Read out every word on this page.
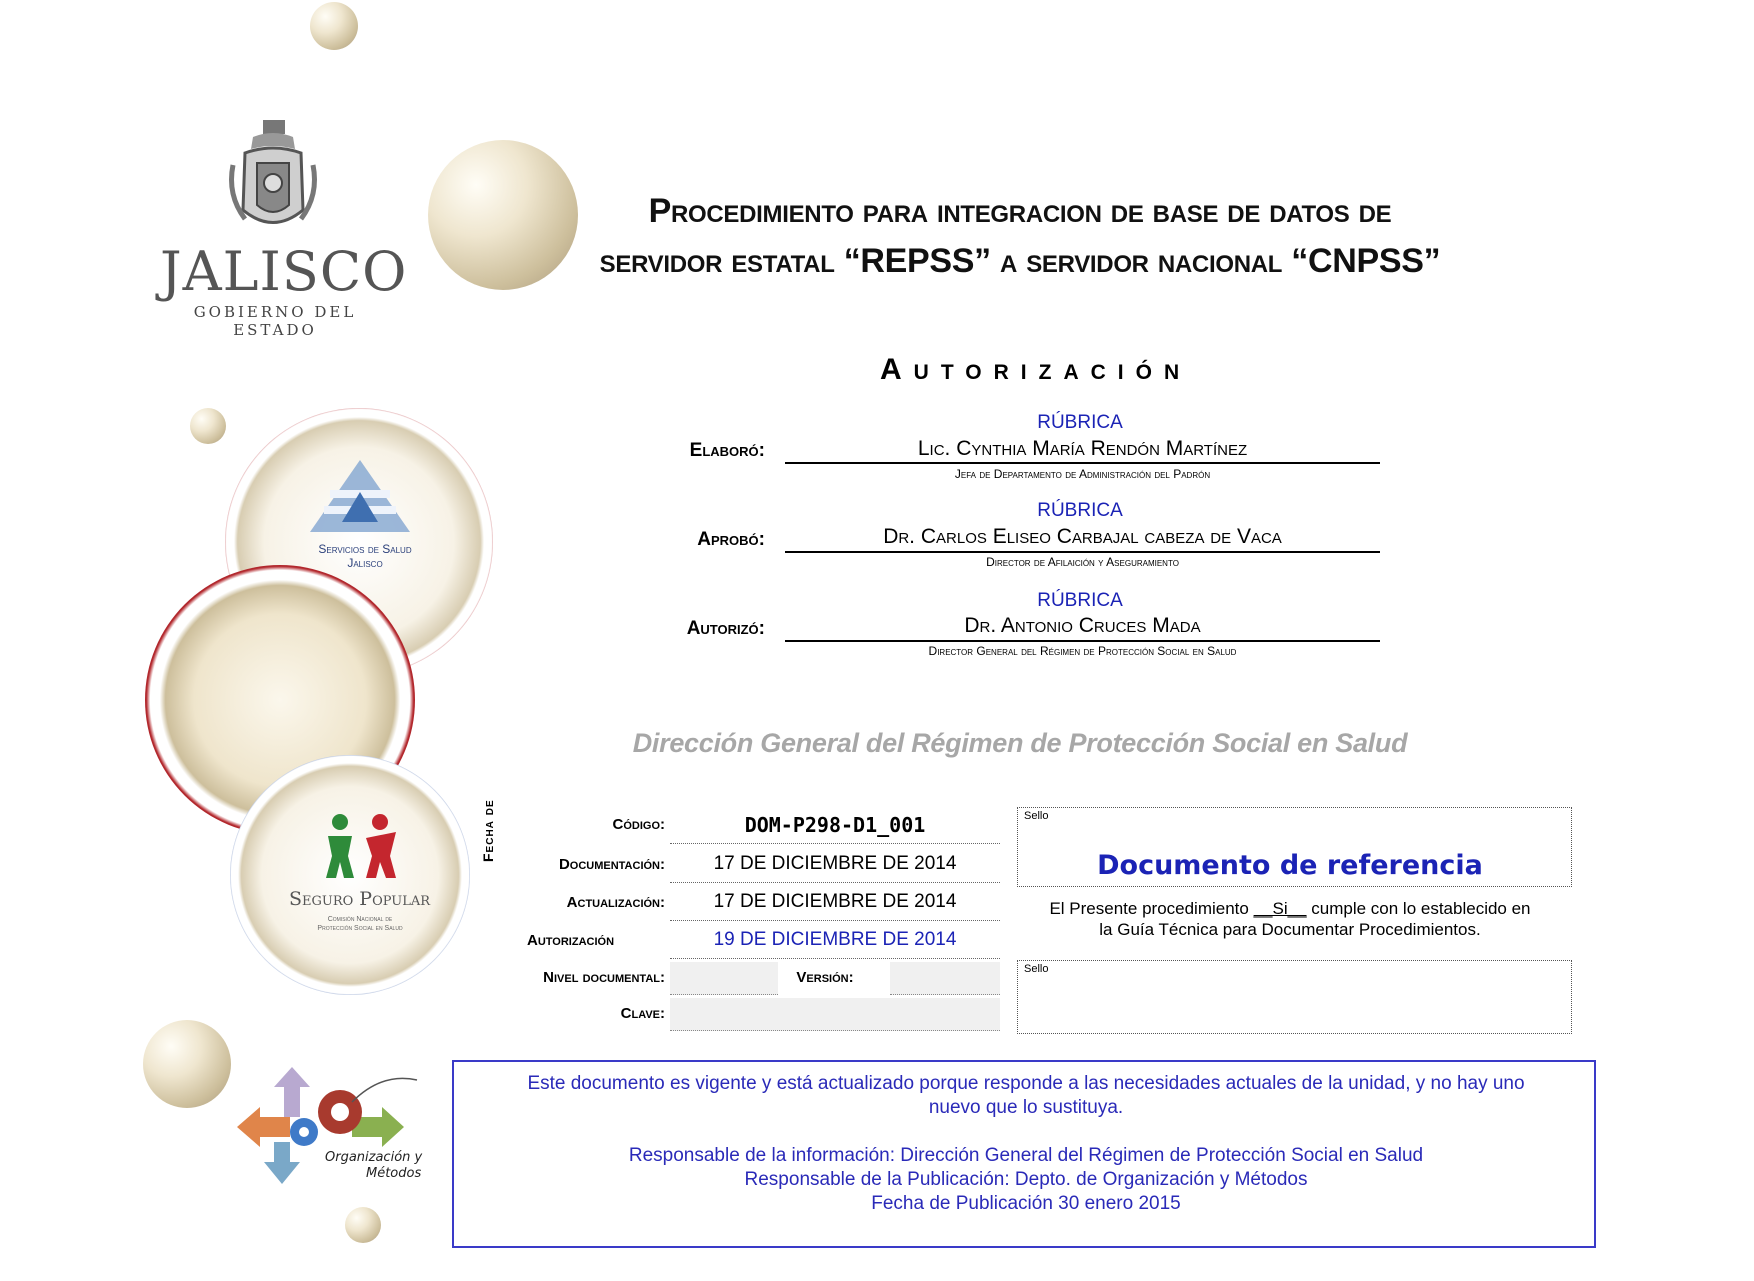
JALISCO
GOBIERNO DEL ESTADO
Procedimiento para integracion de base de datos de
servidor estatal “REPSS” a servidor nacional “CNPSS”
Autorización
RÚBRICA
Elaboró:	Lic. Cynthia María Rendón Martínez
Jefa de Departamento de Administración del Padrón
RÚBRICA
Aprobó:	Dr. Carlos Eliseo Carbajal cabeza de Vaca
Director de Afilaición y Aseguramiento
RÚBRICA
Autorizó:	Dr. Antonio Cruces Mada
Director General del Régimen de Protección Social en Salud
Dirección General del Régimen de Protección Social en Salud
Código:	DOM-P298-D1_001
Fecha de
Documentación:	17 DE DICIEMBRE DE 2014
Actualización:	17 DE DICIEMBRE DE 2014
Autorización	19 DE DICIEMBRE DE 2014
Nivel documental:	Versión:
Clave:
Sello
Documento de referencia
El Presente procedimiento __Si__ cumple con lo establecido en
la Guía Técnica para Documentar Procedimientos.
Sello
Servicios de Salud
Jalisco
Seguro Popular
Comisión Nacional de
Protección Social en Salud
Organización y
Métodos
Este documento es vigente y está actualizado porque responde a las necesidades actuales de la unidad, y no hay uno
nuevo que lo sustituya.
Responsable de la información: Dirección General del Régimen de Protección Social en Salud
Responsable de la Publicación: Depto. de Organización y Métodos
Fecha de Publicación 30 enero 2015
